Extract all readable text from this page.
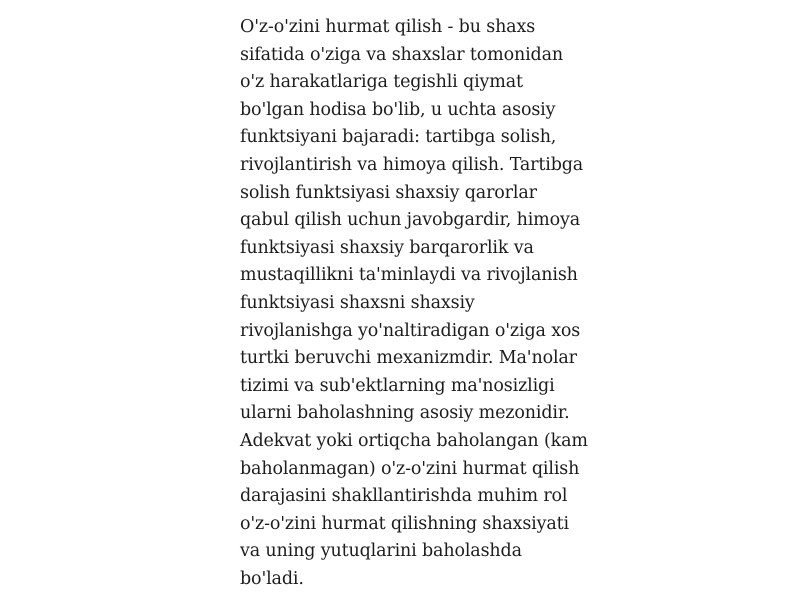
O'z-o'zini hurmat qilish - bu shaxs
sifatida o'ziga va shaxslar tomonidan
o'z harakatlariga tegishli qiymat
bo'lgan hodisa bo'lib, u uchta asosiy
funktsiyani bajaradi: tartibga solish,
rivojlantirish va himoya qilish. Tartibga
solish funktsiyasi shaxsiy qarorlar
qabul qilish uchun javobgardir, himoya
funktsiyasi shaxsiy barqarorlik va
mustaqillikni ta'minlaydi va rivojlanish
funktsiyasi shaxsni shaxsiy
rivojlanishga yo'naltiradigan o'ziga xos
turtki beruvchi mexanizmdir. Ma'nolar
tizimi va sub'ektlarning ma'nosizligi
ularni baholashning asosiy mezonidir.
Adekvat yoki ortiqcha baholangan (kam
baholanmagan) o'z-o'zini hurmat qilish
darajasini shakllantirishda muhim rol
o'z-o'zini hurmat qilishning shaxsiyati
va uning yutuqlarini baholashda
bo'ladi.
